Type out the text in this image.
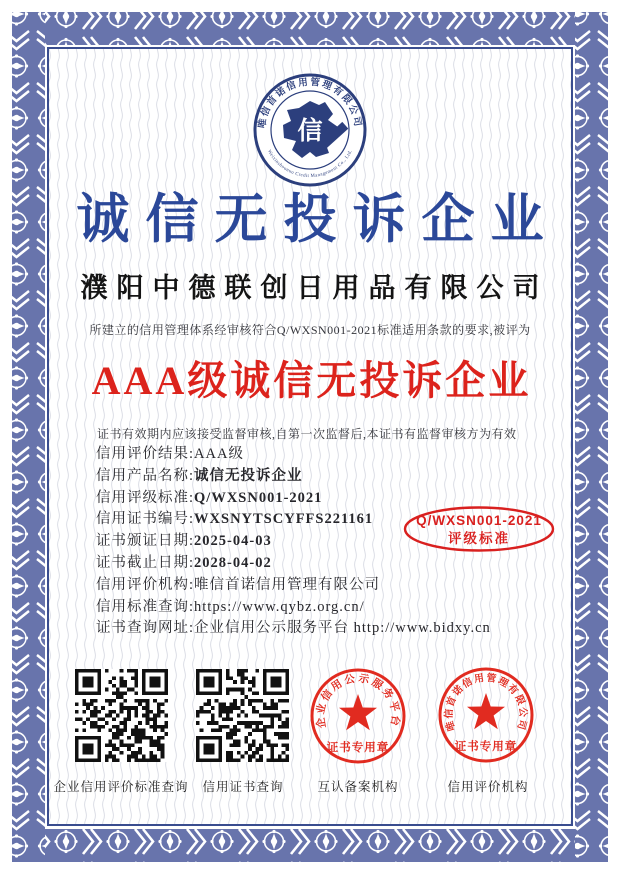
唯信首诺信用管理有限公司
Weixinshounuo Credit Management Co., Ltd.
信
诚信无投诉企业
濮阳中德联创日用品有限公司
所建立的信用管理体系经审核符合Q/WXSN001-2021标准适用条款的要求,被评为
AAA级诚信无投诉企业
证书有效期内应该接受监督审核,自第一次监督后,本证书有监督审核方为有效
信用评价结果:AAA级
信用产品名称:诚信无投诉企业
信用评级标准:Q/WXSN001-2021
信用证书编号:WXSNYTSCYFFS221161
证书颁证日期:2025-04-03
证书截止日期:2028-04-02
信用评价机构:唯信首诺信用管理有限公司
信用标准查询:https://www.qybz.org.cn/
证书查询网址:企业信用公示服务平台 http://www.bidxy.cn
Q/WXSN001-2021
评级标准
企业信用评价标准查询	信用证书查询
企业信用公示服务平台
证书专用章
唯信首诺信用管理有限公司
证书专用章
互认备案机构	信用评价机构
